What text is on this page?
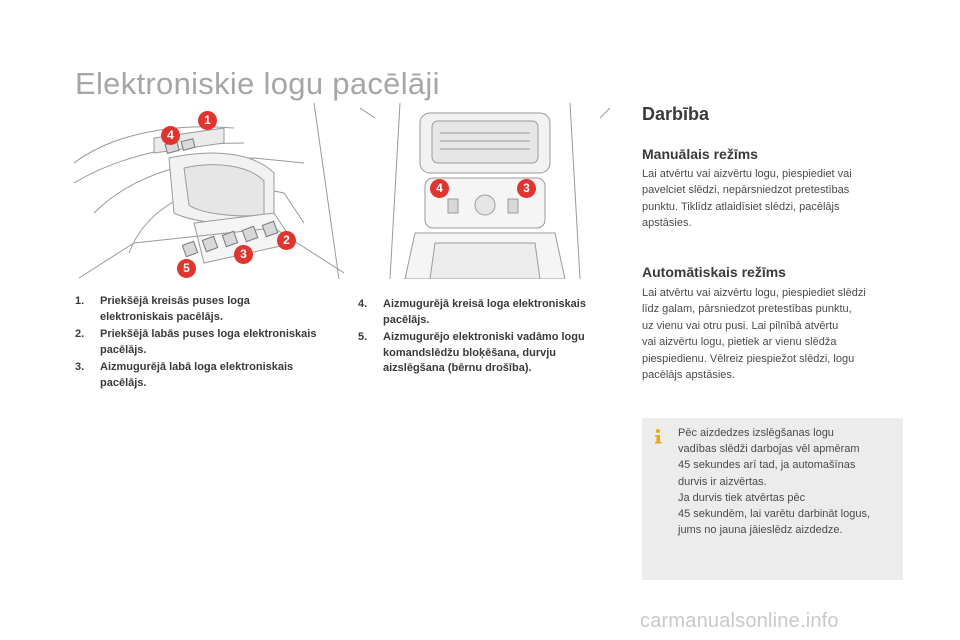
Elektroniskie logu pacēlāji
4
1
2
3
5
4	3
1. Priekšējā kreisās puses loga elektroniskais pacēlājs.
2. Priekšējā labās puses loga elektroniskais pacēlājs.
3. Aizmugurējā labā loga elektroniskais pacēlājs.
4. Aizmugurējā kreisā loga elektroniskais pacēlājs.
5. Aizmugurējo elektroniski vadāmo logu komandslēdžu bloķēšana, durvju aizslēgšana (bērnu drošība).
Darbība
Manuālais režīms

Lai atvērtu vai aizvērtu logu, piespiediet vai
pavelciet slēdzi, nepārsniedzot pretestības
punktu. Tiklīdz atlaidīsiet slēdzi, pacēlājs
apstāsies.

Automātiskais režīms

Lai atvērtu vai aizvērtu logu, piespiediet slēdzi
līdz galam, pārsniedzot pretestības punktu,
uz vienu vai otru pusi. Lai pilnībā atvērtu
vai aizvērtu logu, pietiek ar vienu slēdža
piespiedienu. Vēlreiz piespiežot slēdzi, logu
pacēlājs apstāsies.

Pēc aizdedzes izslēgšanas logu
vadības slēdži darbojas vēl apmēram
45 sekundes arī tad, ja automašīnas
durvis ir aizvērtas.
Ja durvis tiek atvērtas pēc
45 sekundēm, lai varētu darbināt logus,
jums no jauna jāieslēdz aizdedze.
carmanualsonline.info
